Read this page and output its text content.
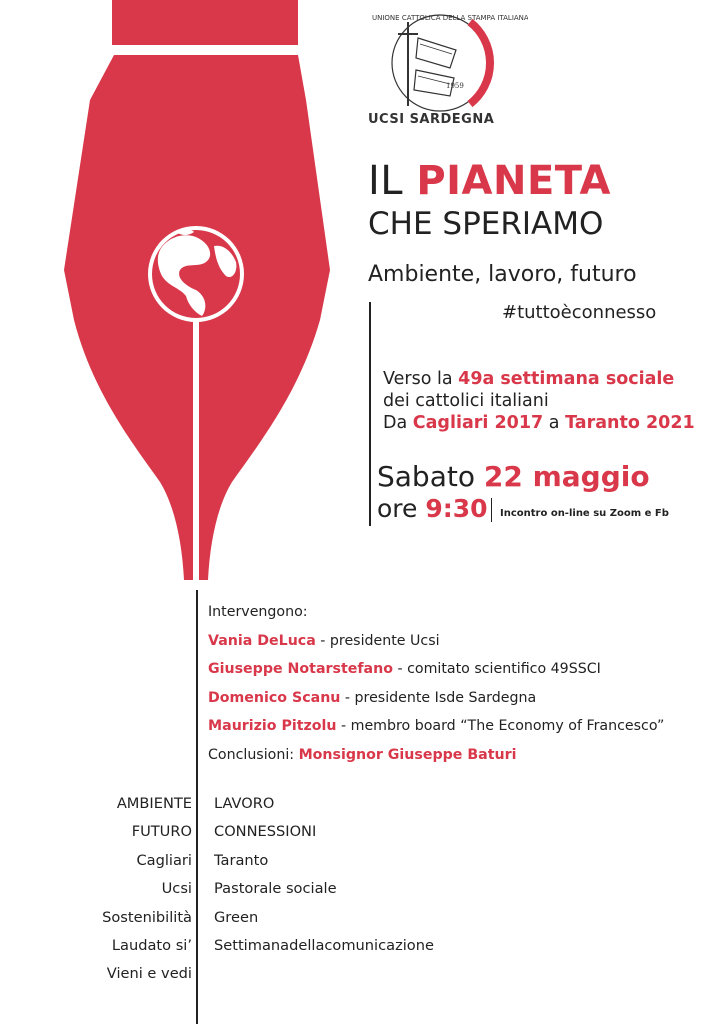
1959
UNIONE CATTOLICA DELLA STAMPA ITALIANA
UCSI SARDEGNA
IL PIANETA
CHE SPERIAMO
Ambiente, lavoro, futuro
#tuttoèconnesso
Verso la 49a settimana sociale
dei cattolici italiani
Da Cagliari 2017 a Taranto 2021
Sabato 22 maggio
ore 9:30 Incontro on-line su Zoom e Fb
Intervengono:
Vania DeLuca - presidente Ucsi
Giuseppe Notarstefano - comitato scientifico 49SSCI
Domenico Scanu - presidente Isde Sardegna
Maurizio Pitzolu - membro board “The Economy of Francesco”
Conclusioni: Monsignor Giuseppe Baturi
AMBIENTE
FUTURO
Cagliari
Ucsi
Sostenibilità
Laudato si’
Vieni e vedi
LAVORO
CONNESSIONI
Taranto
Pastorale sociale
Green
Settimanadellacomunicazione
